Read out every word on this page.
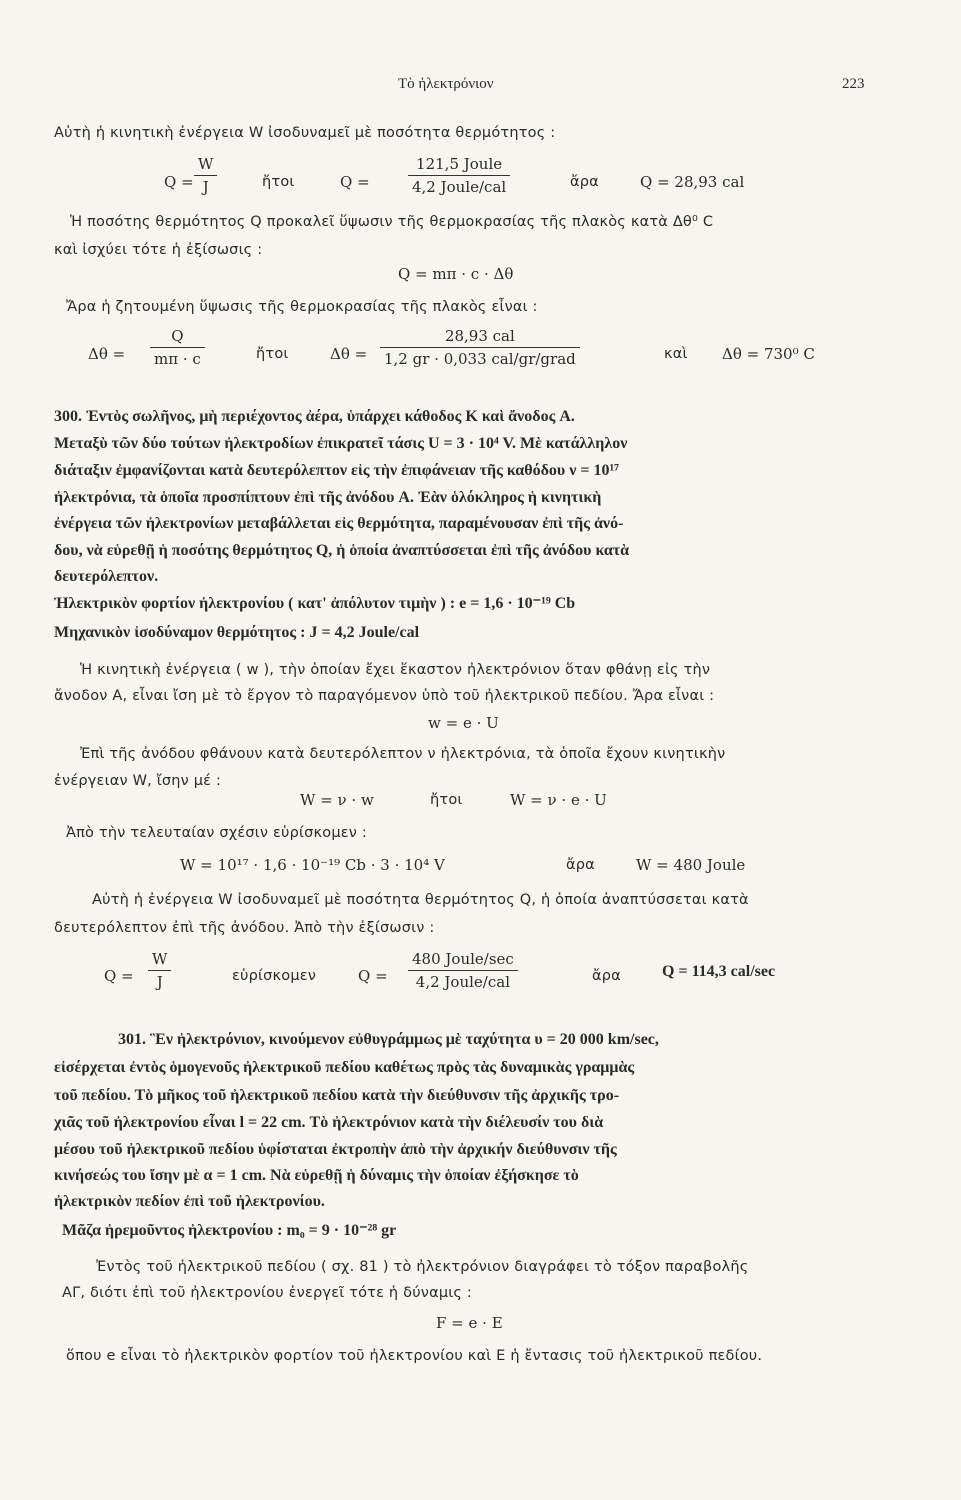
Τὸ ἠλεκτρόνιον	223
Αὐτὴ ἡ κινητικὴ ἐνέργεια W ἰσοδυναμεῖ μὲ ποσότητα θερμότητος :
$Q = \frac{W}{J}$	ἤτοι	Q =
121,5 Joule
4,2 Joule/cal	ἄρα	Q = 28,93 cal
Ἡ ποσότης θερμότητος Q προκαλεῖ ὕψωσιν τῆς θερμοκρασίας τῆς πλακὸς κατὰ Δθ⁰ C
καὶ ἰσχύει τότε ἡ ἐξίσωσις :
Q = mπ · c · Δθ
Ἄρα ἡ ζητουμένη ὕψωσις τῆς θερμοκρασίας τῆς πλακὸς εἶναι :
$\Delta\theta = \frac{Q}{m\pi \cdot c}$	ἤτοι	Δθ =
28,93 cal
1,2 gr · 0,033 cal/gr/grad	καὶ Δθ = 730⁰ C
300. Ἐντὸς σωλῆνος, μὴ περιέχοντος ἀέρα, ὑπάρχει κάθοδος K καὶ ἄνοδος A.
Μεταξὺ τῶν δύο τούτων ἠλεκτροδίων ἐπικρατεῖ τάσις U = 3 · 10⁴ V. Μὲ κατάλληλον
διάταξιν ἐμφανίζονται κατὰ δευτερόλεπτον εἰς τὴν ἐπιφάνειαν τῆς καθόδου ν = 10¹⁷
ἠλεκτρόνια, τὰ ὁποῖα προσπίπτουν ἐπὶ τῆς ἀνόδου A. Ἐὰν ὁλόκληρος ἡ κινητικὴ
ἐνέργεια τῶν ἠλεκτρονίων μεταβάλλεται εἰς θερμότητα, παραμένουσαν ἐπὶ τῆς ἀνό-
δου, νὰ εὑρεθῇ ἡ ποσότης θερμότητος Q, ἡ ὁποία ἀναπτύσσεται ἐπὶ τῆς ἀνόδου κατὰ
δευτερόλεπτον.
Ἠλεκτρικὸν φορτίον ἠλεκτρονίου ( κατ' ἀπόλυτον τιμὴν ) : e = 1,6 · 10⁻¹⁹ Cb
Μηχανικὸν ἰσοδύναμον θερμότητος : J = 4,2 Joule/cal
Ἡ κινητικὴ ἐνέργεια ( w ), τὴν ὁποίαν ἔχει ἕκαστον ἠλεκτρόνιον ὅταν φθάνῃ εἰς τὴν
ἄνοδον A, εἶναι ἴση μὲ τὸ ἔργον τὸ παραγόμενον ὑπὸ τοῦ ἠλεκτρικοῦ πεδίου. Ἄρα εἶναι :
w = e · U
Ἐπὶ τῆς ἀνόδου φθάνουν κατὰ δευτερόλεπτον ν ἠλεκτρόνια, τὰ ὁποῖα ἔχουν κινητικὴν
ἐνέργειαν W, ἴσην μέ :
W = ν · w	ἤτοι	W = ν · e · U
Ἀπὸ τὴν τελευταίαν σχέσιν εὑρίσκομεν :
W = 10¹⁷ · 1,6 · 10⁻¹⁹ Cb · 3 · 10⁴ V	ἄρα	W = 480 Joule
Αὐτὴ ἡ ἐνέργεια W ἰσοδυναμεῖ μὲ ποσότητα θερμότητος Q, ἡ ὁποία ἀναπτύσσεται κατὰ
δευτερόλεπτον ἐπὶ τῆς ἀνόδου. Ἀπὸ τὴν ἐξίσωσιν :
$Q = \frac{W}{J}$	εὑρίσκομεν	Q =
480 Joule/sec
4,2 Joule/cal	ἄρα	Q = 114,3 cal/sec
301. Ἓν ἠλεκτρόνιον, κινούμενον εὐθυγράμμως μὲ ταχύτητα υ = 20 000 km/sec,
εἰσέρχεται ἐντὸς ὁμογενοῦς ἠλεκτρικοῦ πεδίου καθέτως πρὸς τὰς δυναμικὰς γραμμὰς
τοῦ πεδίου. Τὸ μῆκος τοῦ ἠλεκτρικοῦ πεδίου κατὰ τὴν διεύθυνσιν τῆς ἀρχικῆς τρο-
χιᾶς τοῦ ἠλεκτρονίου εἶναι l = 22 cm. Τὸ ἠλεκτρόνιον κατὰ τὴν διέλευσίν του διὰ
μέσου τοῦ ἠλεκτρικοῦ πεδίου ὑφίσταται ἐκτροπὴν ἀπὸ τὴν ἀρχικήν διεύθυνσιν τῆς
κινήσεώς του ἴσην μὲ α = 1 cm. Νὰ εὑρεθῇ ἡ δύναμις τὴν ὁποίαν ἐξήσκησε τὸ
ἠλεκτρικὸν πεδίον ἐπὶ τοῦ ἠλεκτρονίου.
Μᾶζα ἠρεμοῦντος ἠλεκτρονίου : m₀ = 9 · 10⁻²⁸ gr
Ἐντὸς τοῦ ἠλεκτρικοῦ πεδίου ( σχ. 81 ) τὸ ἠλεκτρόνιον διαγράφει τὸ τόξον παραβολῆς
ΑΓ, διότι ἐπὶ τοῦ ἠλεκτρονίου ἐνεργεῖ τότε ἡ δύναμις :
F = e · E
ὅπου e εἶναι τὸ ἠλεκτρικὸν φορτίον τοῦ ἠλεκτρονίου καὶ E ἡ ἔντασις τοῦ ἠλεκτρικοῦ πεδίου.
